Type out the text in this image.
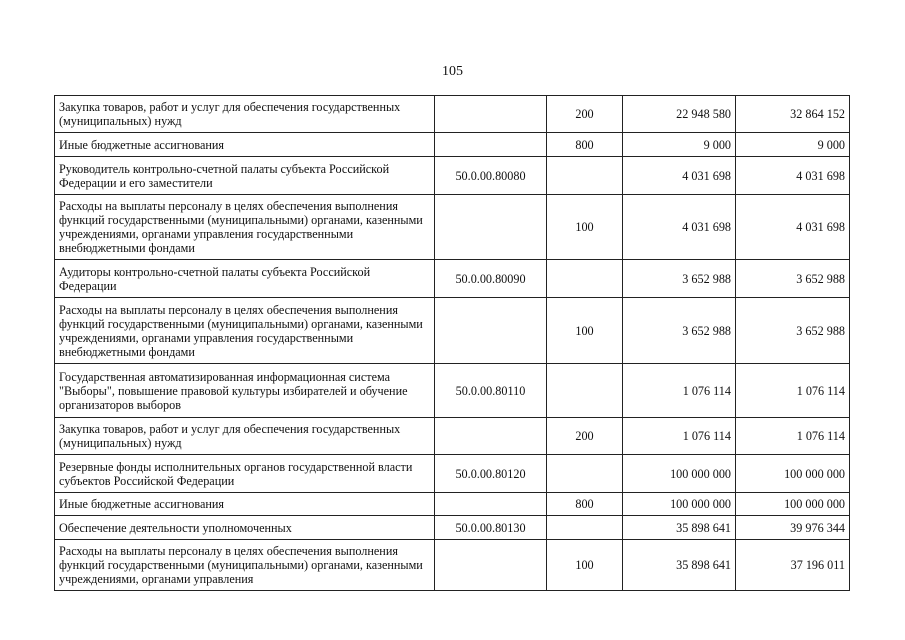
105
Закупка товаров, работ и услуг для обеспечения государственных (муниципальных) нужд		200	22 948 580	32 864 152
Иные бюджетные ассигнования		800	9 000	9 000
Руководитель контрольно-счетной палаты субъекта Российской Федерации и его заместители	50.0.00.80080		4 031 698	4 031 698
Расходы на выплаты персоналу в целях обеспечения выполнения функций государственными (муниципальными) органами, казенными учреждениями, органами управления государственными внебюджетными фондами		100	4 031 698	4 031 698
Аудиторы контрольно-счетной палаты субъекта Российской Федерации	50.0.00.80090		3 652 988	3 652 988
Расходы на выплаты персоналу в целях обеспечения выполнения функций государственными (муниципальными) органами, казенными учреждениями, органами управления государственными внебюджетными фондами		100	3 652 988	3 652 988
Государственная автоматизированная информационная система "Выборы", повышение правовой культуры избирателей и обучение организаторов выборов	50.0.00.80110		1 076 114	1 076 114
Закупка товаров, работ и услуг для обеспечения государственных (муниципальных) нужд		200	1 076 114	1 076 114
Резервные фонды исполнительных органов государственной власти субъектов Российской Федерации	50.0.00.80120		100 000 000	100 000 000
Иные бюджетные ассигнования		800	100 000 000	100 000 000
Обеспечение деятельности уполномоченных	50.0.00.80130		35 898 641	39 976 344
Расходы на выплаты персоналу в целях обеспечения выполнения функций государственными (муниципальными) органами, казенными учреждениями, органами управления		100	35 898 641	37 196 011
